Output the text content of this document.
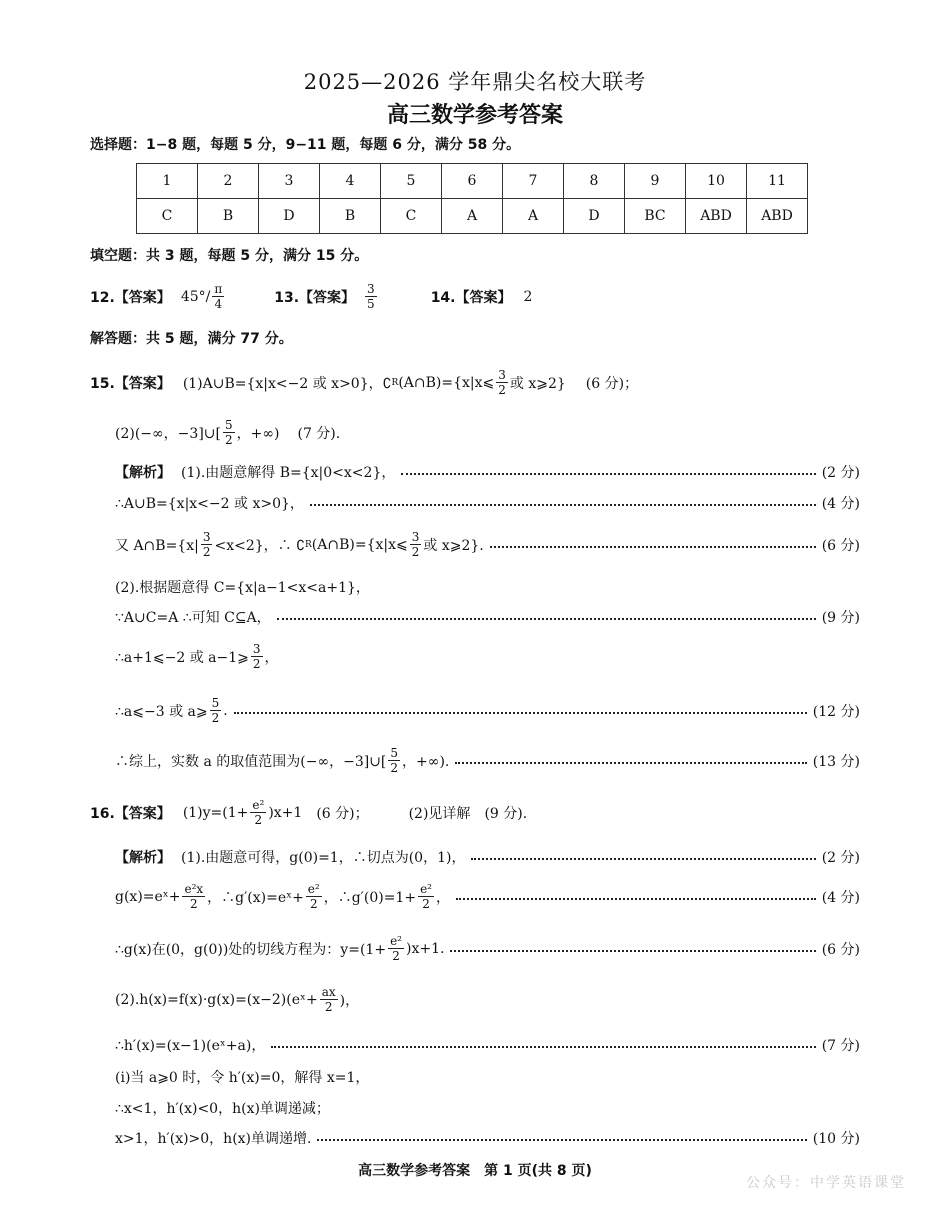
2025—2026 学年鼎尖名校大联考
高三数学参考答案
选择题：1−8 题，每题 5 分，9−11 题，每题 6 分，满分 58 分。
1	2	3	4	5	6	7	8	9	10	11
C	B	D	B	C	A	A	D	BC	ABD	ABD
填空题：共 3 题，每题 5 分，满分 15 分。
12.【答案】 $45^\circ/ \frac{\pi}{4}$	13.【答案】 $\frac{3}{5}$	14.【答案】 2
解答题：共 5 题，满分 77 分。
15.【答案】 (1)A∪B={x|x<−2 或 x>0}，∁ R (A∩B)={x|x⩽ $\frac{3}{2}$ 或 x⩾2} (6 分)；
(2)(−∞，−3]∪[ $\frac{5}{2}$ ，+∞) (7 分).
【解析】 (1).由题意解得 B={x|0<x<2}，	(2 分)
∴A∪B={x|x<−2 或 x>0}，	(4 分)
又 A∩B={x| $\frac{3}{2} <x<2$}，∴ ∁ R (A∩B)={x|x⩽ $\frac{3}{2}$ 或 x⩾2}.	(6 分)
(2).根据题意得 C={x|a−1<x<a+1}，
∵A∪C=A ∴可知 C⊆A，	(9 分)
∴a+1⩽−2 或 a−1⩾ $\frac{3}{2}$ ，
∴a⩽−3 或 a⩾ $\frac{5}{2}$ .	(12 分)
∴综上，实数 a 的取值范围为(−∞，−3]∪[ $\frac{5}{2}$ ，+∞).	(13 分)
16.【答案】 $(1)y=(1+ \frac{\text{e²}}{2} )x+1$ (6 分)；	(2)见详解 (9 分).
【解析】 (1).由题意可得，g(0)=1，∴切点为(0，1)，	(2 分)
g(x)=eˣ+ $\frac{\text{e²x}}{2}$ ，∴g′(x)=eˣ+ $\frac{\text{e²}}{2}$ ，∴g′(0)=1+ $\frac{\text{e²}}{2}$ ，	(4 分)
∴g(x)在(0，g(0))处的切线方程为：$y=(1+ \frac{\text{e²}}{2} )x+1$.	(6 分)
(2).h(x)=f(x)·g(x)=(x−2)(eˣ+ $\frac{ax}{2}$ )，
∴h′(x)=(x−1)(eˣ+a)，	(7 分)
(i)当 a⩾0 时，令 h′(x)=0，解得 x=1，
∴x<1，h′(x)<0，h(x)单调递减；
x>1，h′(x)>0，h(x)单调递增.	(10 分)
高三数学参考答案　第 1 页(共 8 页)
公众号：中学英语课堂
